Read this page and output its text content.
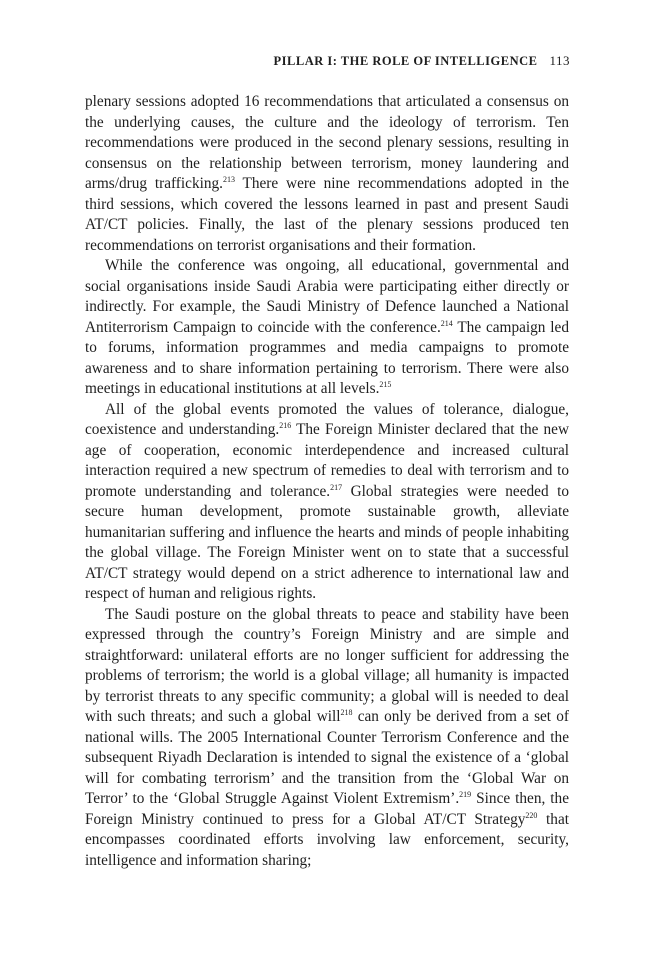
PILLAR I: THE ROLE OF INTELLIGENCE 113

plenary sessions adopted 16 recommendations that articulated a consensus on the underlying causes, the culture and the ideology of terrorism. Ten recommendations were produced in the second plenary sessions, resulting in consensus on the relationship between terrorism, money laundering and arms/drug trafficking.$^{213}$ There were nine recommendations adopted in the third sessions, which covered the lessons learned in past and present Saudi AT/CT policies. Finally, the last of the plenary sessions produced ten recommendations on terrorist organisations and their formation.

While the conference was ongoing, all educational, governmental and social organisations inside Saudi Arabia were participating either directly or indirectly. For example, the Saudi Ministry of Defence launched a National Antiterrorism Campaign to coincide with the conference.$^{214}$ The campaign led to forums, information programmes and media campaigns to promote awareness and to share information pertaining to terrorism. There were also meetings in educational institutions at all levels.$^{215}$

All of the global events promoted the values of tolerance, dialogue, coexistence and understanding.$^{216}$ The Foreign Minister declared that the new age of cooperation, economic interdependence and increased cultural interaction required a new spectrum of remedies to deal with terrorism and to promote understanding and tolerance.$^{217}$ Global strategies were needed to secure human development, promote sustainable growth, alleviate humanitarian suffering and influence the hearts and minds of people inhabiting the global village. The Foreign Minister went on to state that a successful AT/CT strategy would depend on a strict adherence to international law and respect of human and religious rights.

The Saudi posture on the global threats to peace and stability have been expressed through the country’s Foreign Ministry and are simple and straightforward: unilateral efforts are no longer sufficient for addressing the problems of terrorism; the world is a global village; all humanity is impacted by terrorist threats to any specific community; a global will is needed to deal with such threats; and such a global will$^{218}$ can only be derived from a set of national wills. The 2005 International Counter Terrorism Conference and the subsequent Riyadh Declaration is intended to signal the existence of a ‘global will for combating terrorism’ and the transition from the ‘Global War on Terror’ to the ‘Global Struggle Against Violent Extremism’.$^{219}$ Since then, the Foreign Ministry continued to press for a Global AT/CT Strategy$^{220}$ that encompasses coordinated efforts involving law enforcement, security, intelligence and information sharing;
